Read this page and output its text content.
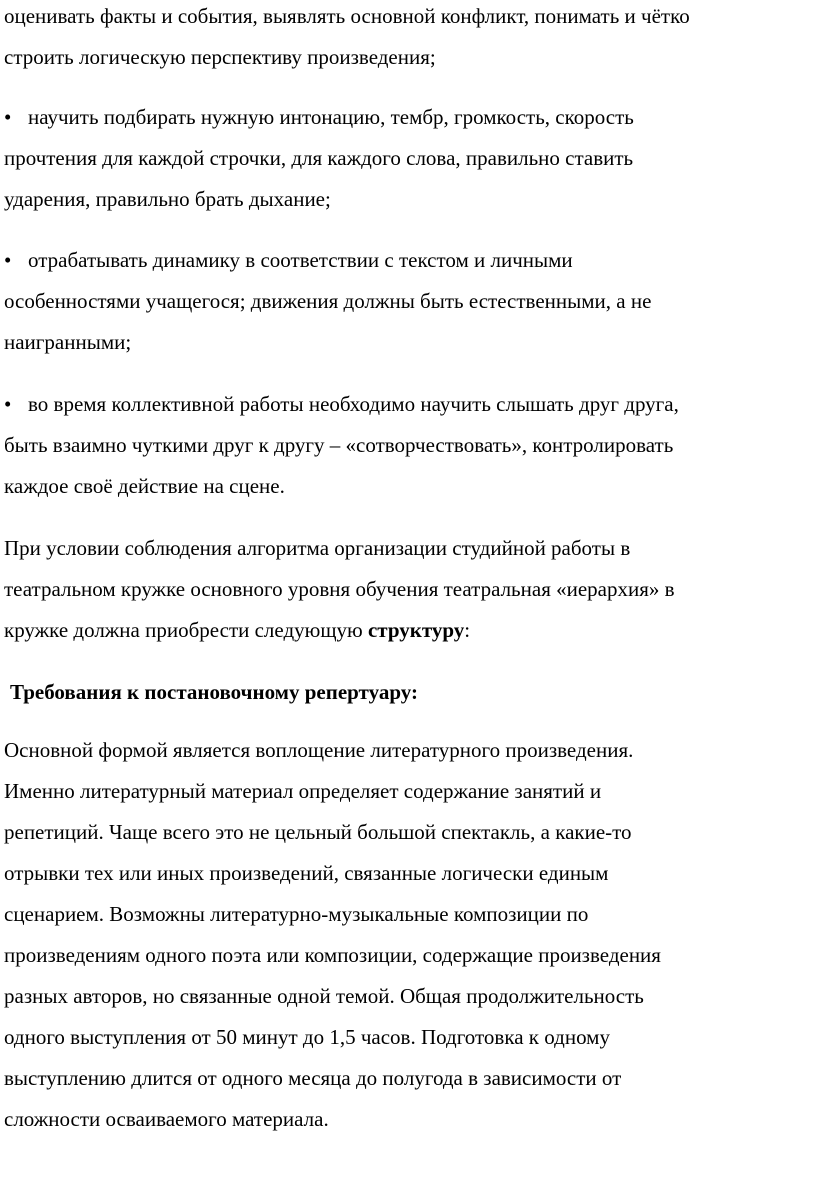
оценивать факты и события, выявлять основной конфликт, понимать и чётко
строить логическую перспективу произведения;
• научить подбирать нужную интонацию, тембр, громкость, скорость
прочтения для каждой строчки, для каждого слова, правильно ставить
ударения, правильно брать дыхание;
• отрабатывать динамику в соответствии с текстом и личными
особенностями учащегося; движения должны быть естественными, а не
наигранными;
• во время коллективной работы необходимо научить слышать друг друга,
быть взаимно чуткими друг к другу – «сотворчествовать», контролировать
каждое своё действие на сцене.
При условии соблюдения алгоритма организации студийной работы в
театральном кружке основного уровня обучения театральная «иерархия» в
кружке должна приобрести следующую структуру:
Требования к постановочному репертуару:
Основной формой является воплощение литературного произведения.
Именно литературный материал определяет содержание занятий и
репетиций. Чаще всего это не цельный большой спектакль, а какие-то
отрывки тех или иных произведений, связанные логически единым
сценарием. Возможны литературно-музыкальные композиции по
произведениям одного поэта или композиции, содержащие произведения
разных авторов, но связанные одной темой. Общая продолжительность
одного выступления от 50 минут до 1,5 часов. Подготовка к одному
выступлению длится от одного месяца до полугода в зависимости от
сложности осваиваемого материала.
